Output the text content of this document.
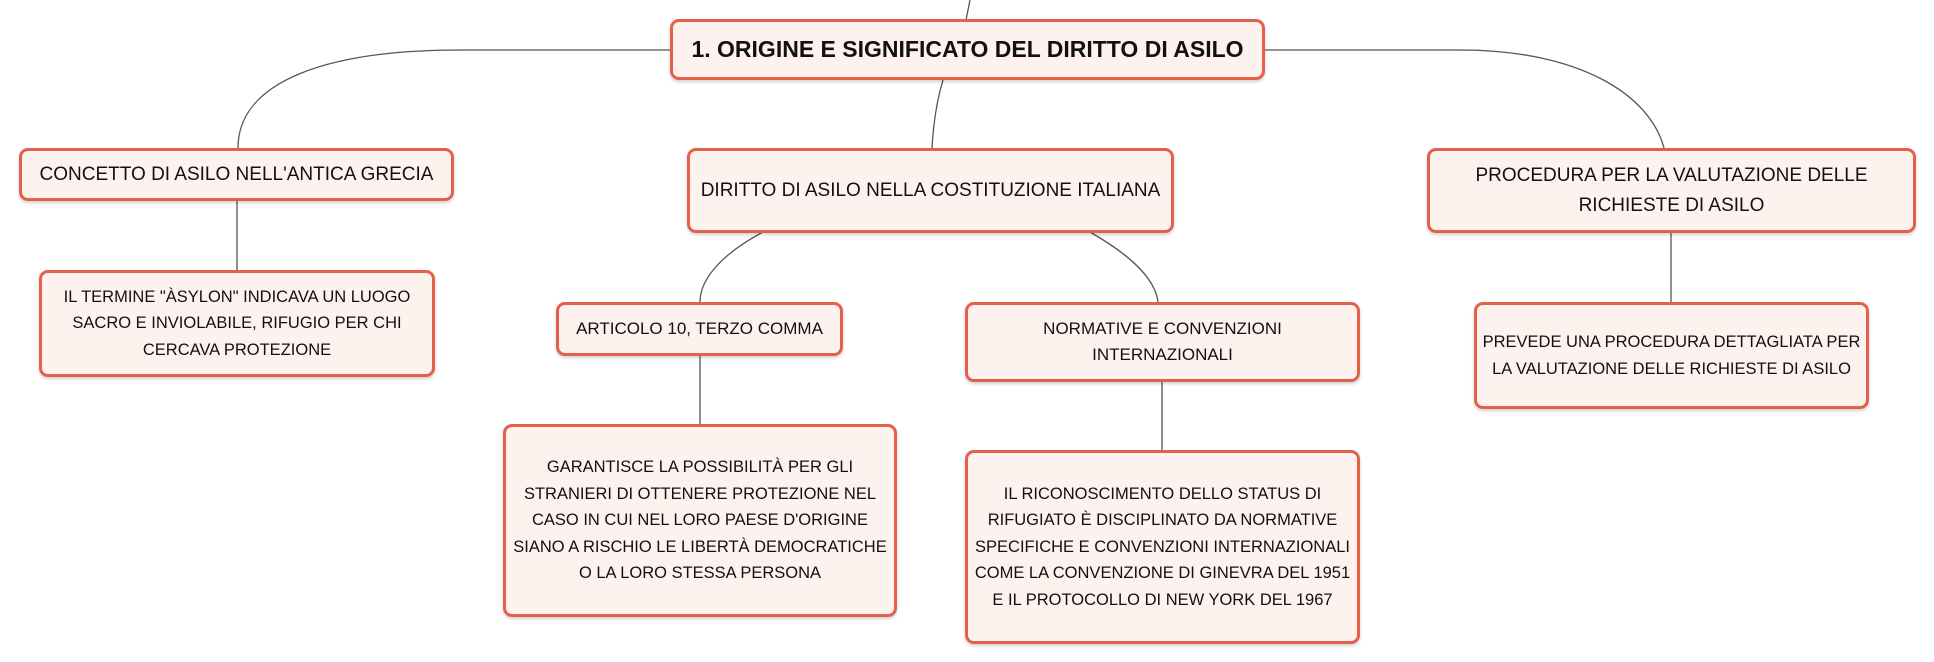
1. ORIGINE E SIGNIFICATO DEL DIRITTO DI ASILO
CONCETTO DI ASILO NELL'ANTICA GRECIA
DIRITTO DI ASILO NELLA COSTITUZIONE ITALIANA
PROCEDURA PER LA VALUTAZIONE DELLE RICHIESTE DI ASILO
IL TERMINE "ÀSYLON" INDICAVA UN LUOGO SACRO E INVIOLABILE, RIFUGIO PER CHI CERCAVA PROTEZIONE
ARTICOLO 10, TERZO COMMA	NORMATIVE E CONVENZIONI INTERNAZIONALI
PREVEDE UNA PROCEDURA DETTAGLIATA PER LA VALUTAZIONE DELLE RICHIESTE DI ASILO
GARANTISCE LA POSSIBILITÀ PER GLI STRANIERI DI OTTENERE PROTEZIONE NEL CASO IN CUI NEL LORO PAESE D'ORIGINE SIANO A RISCHIO LE LIBERTÀ DEMOCRATICHE O LA LORO STESSA PERSONA
IL RICONOSCIMENTO DELLO STATUS DI RIFUGIATO È DISCIPLINATO DA NORMATIVE SPECIFICHE E CONVENZIONI INTERNAZIONALI COME LA CONVENZIONE DI GINEVRA DEL 1951 E IL PROTOCOLLO DI NEW YORK DEL 1967
